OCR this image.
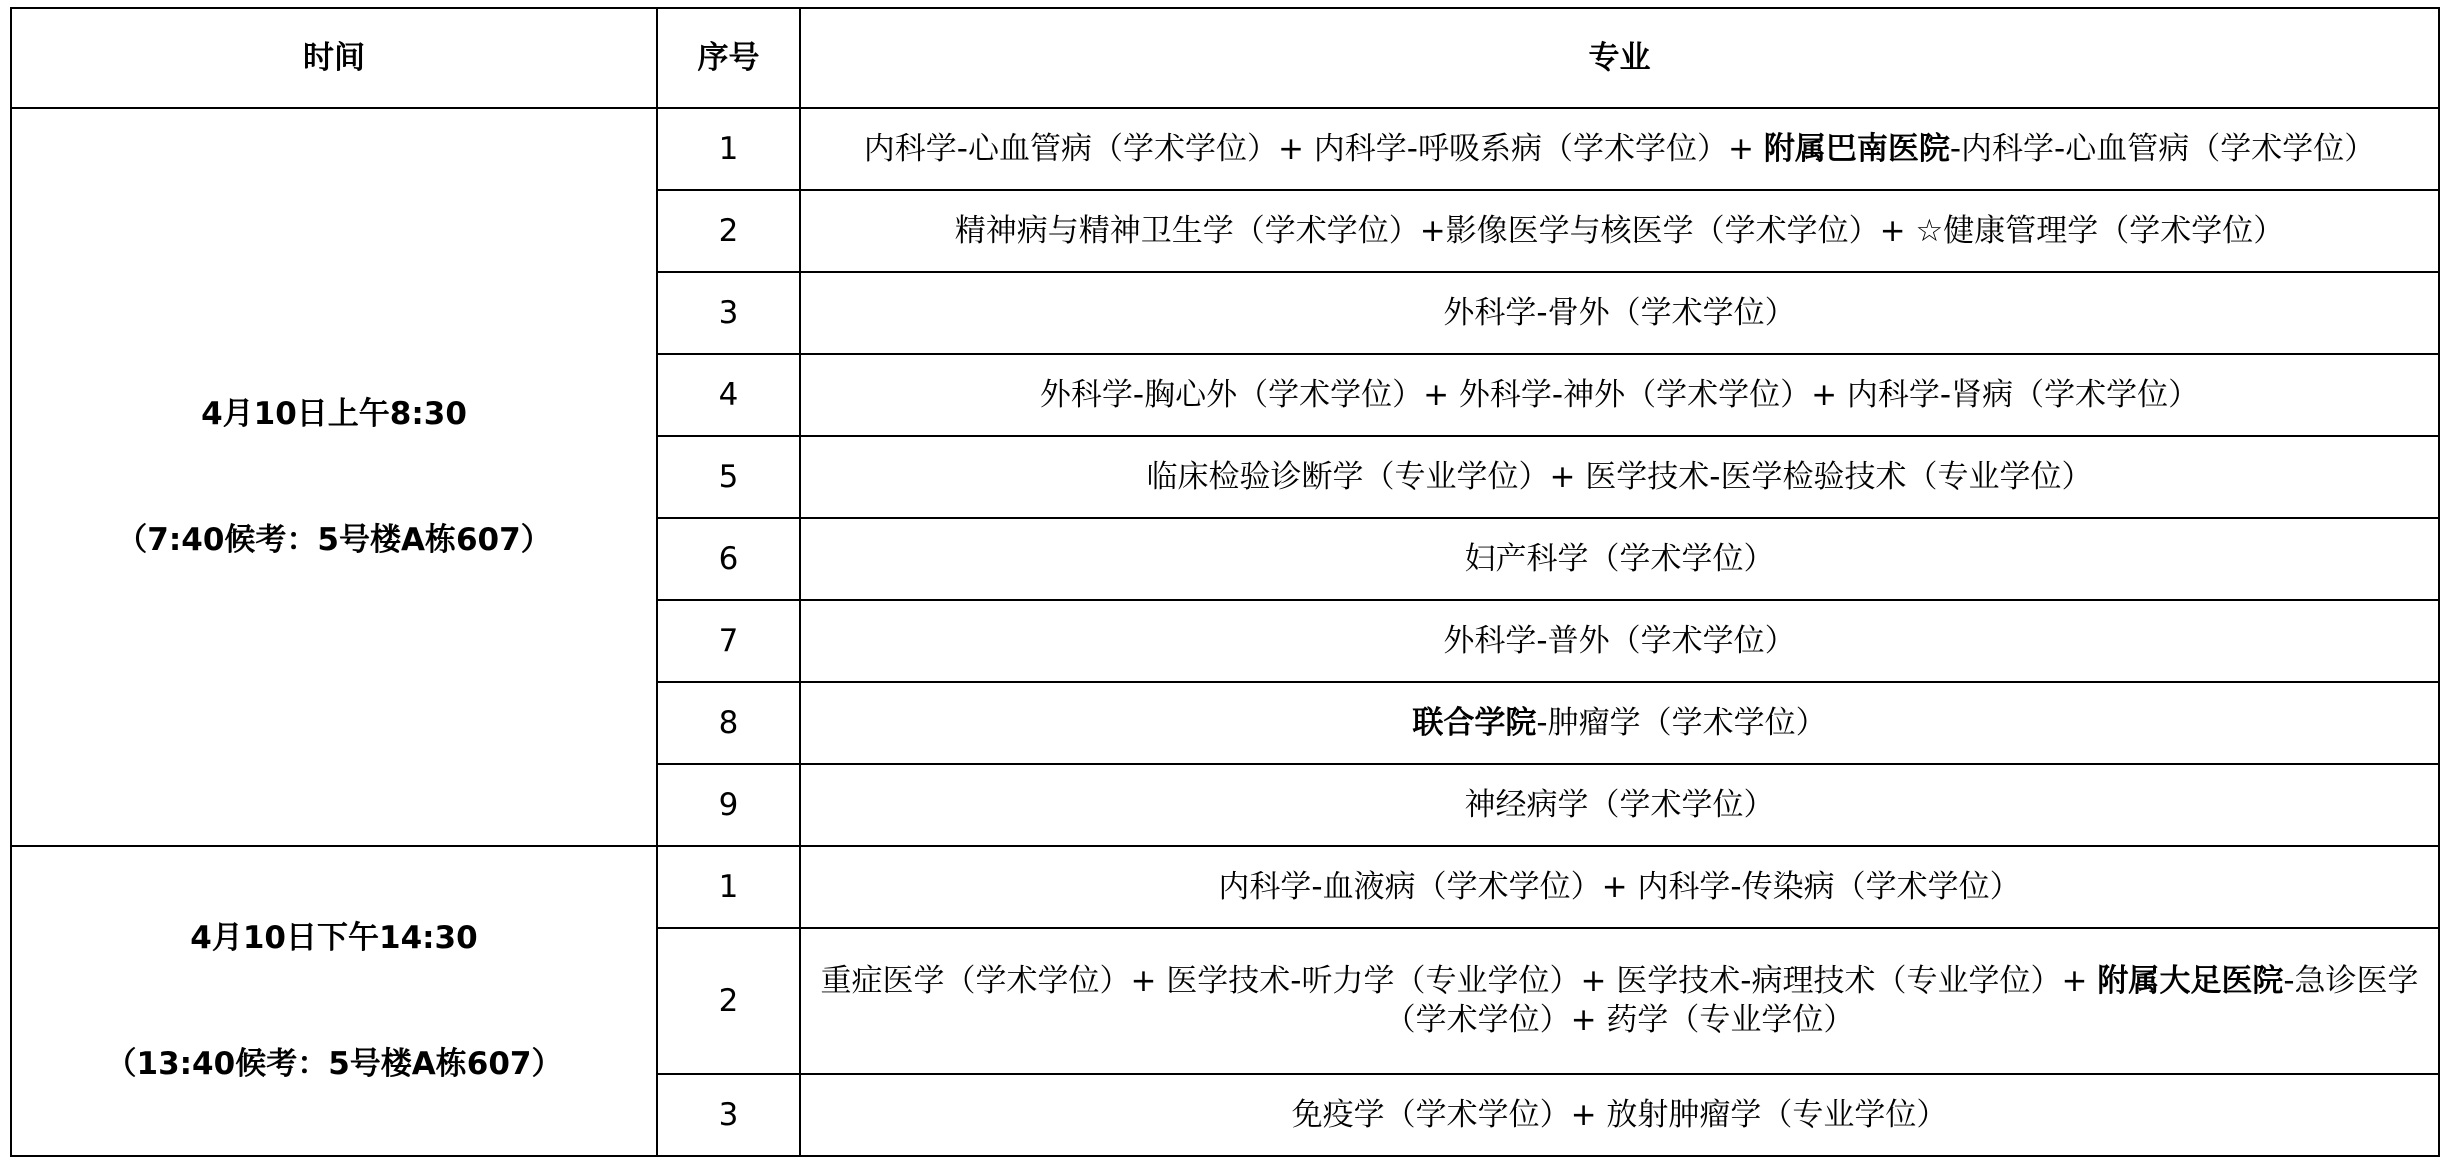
时间	序号	专业

4月10日上午8:30
（7:40候考：5号楼A栋607）	1	内科学-心血管病（学术学位）+ 内科学-呼吸系病（学术学位）+ 附属巴南医院-内科学-心血管病（学术学位）
	2	精神病与精神卫生学（学术学位）+影像医学与核医学（学术学位）+ ☆健康管理学（学术学位）
	3	外科学-骨外（学术学位）
	4	外科学-胸心外（学术学位）+ 外科学-神外（学术学位）+ 内科学-肾病（学术学位）
	5	临床检验诊断学（专业学位）+ 医学技术-医学检验技术（专业学位）
	6	妇产科学（学术学位）
	7	外科学-普外（学术学位）
	8	联合学院-肿瘤学（学术学位）
	9	神经病学（学术学位）

4月10日下午14:30
（13:40候考：5号楼A栋607）	1	内科学-血液病（学术学位）+ 内科学-传染病（学术学位）
	2	重症医学（学术学位）+ 医学技术-听力学（专业学位）+ 医学技术-病理技术（专业学位）+ 附属大足医院-急诊医学（学术学位）+ 药学（专业学位）
	3	免疫学（学术学位）+ 放射肿瘤学（专业学位）
